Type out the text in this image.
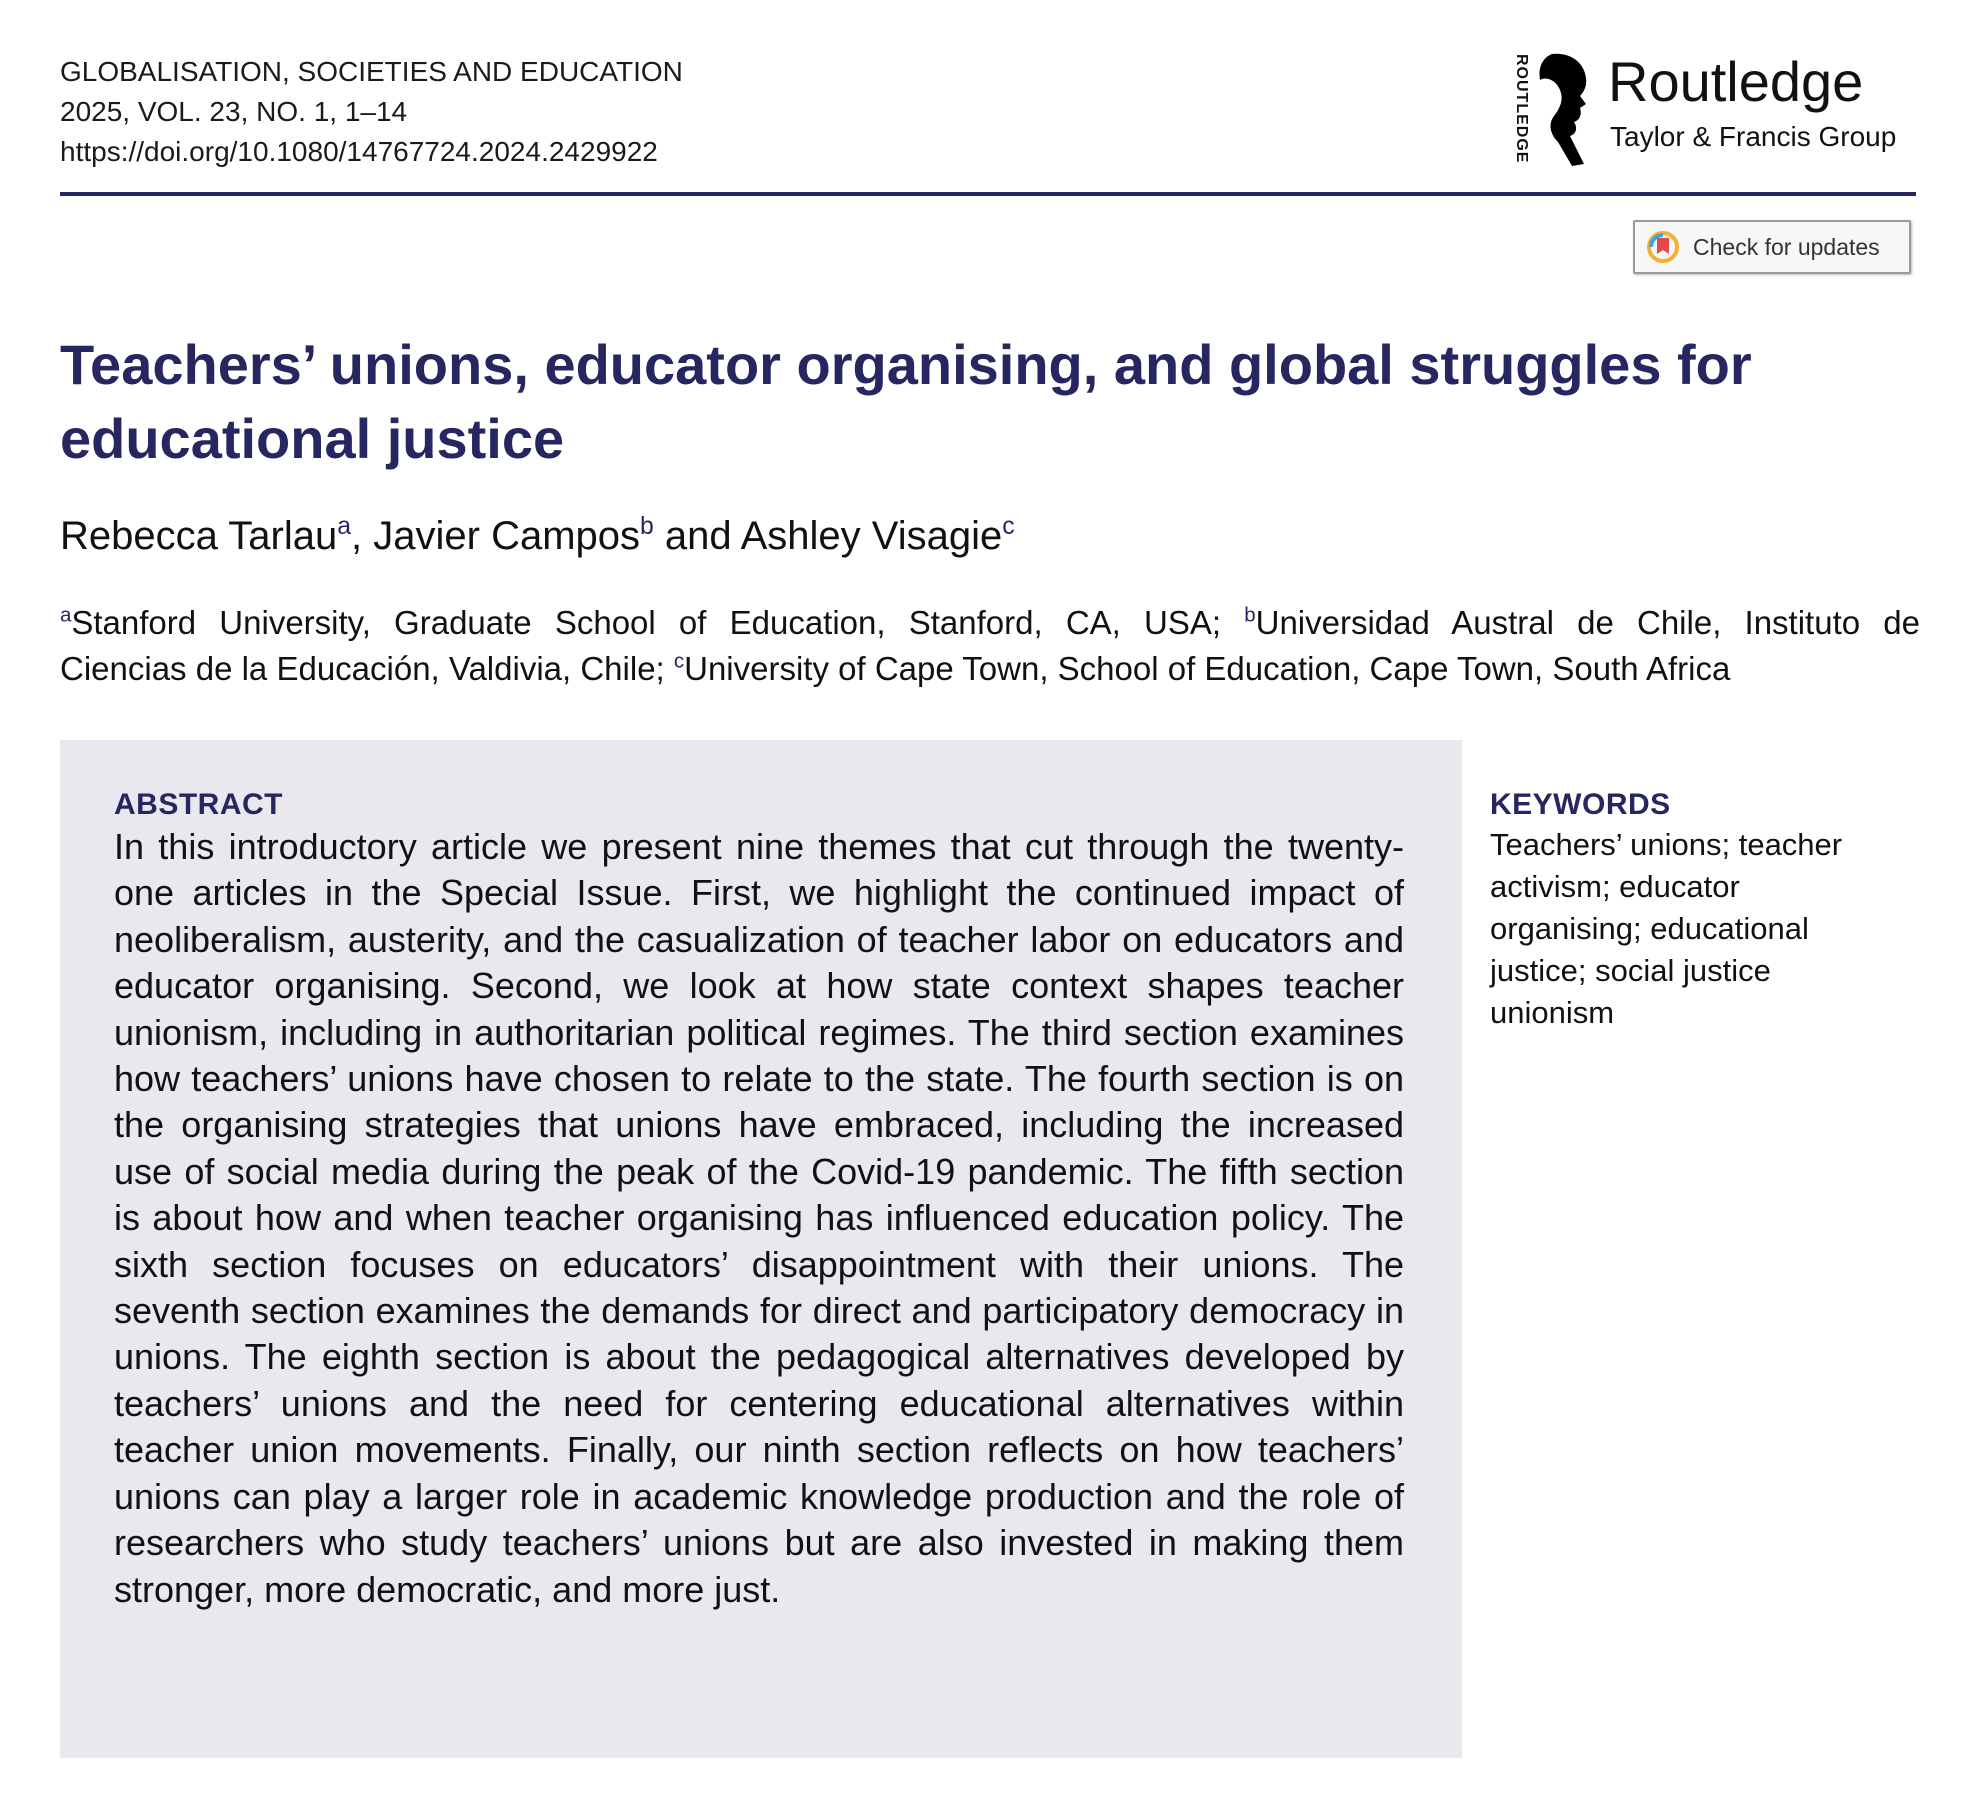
GLOBALISATION, SOCIETIES AND EDUCATION
2025, VOL. 23, NO. 1, 1–14
https://doi.org/10.1080/14767724.2024.2429922	ROUTLEDGE Routledge
Taylor & Francis Group
Check for updates
Teachers’ unions, educator organising, and global struggles for educational justice
Rebecca Tarlau$^a$, Javier Campos$^b$ and Ashley Visagie$^c$
$^a$Stanford University, Graduate School of Education, Stanford, CA, USA; $^b$Universidad Austral de Chile, Instituto de
Ciencias de la Educación, Valdivia, Chile; $^c$University of Cape Town, School of Education, Cape Town, South Africa
ABSTRACT
In this introductory article we present nine themes that cut through the twenty-one articles in the Special Issue. First, we highlight the continued impact of neoliberalism, austerity, and the casualization of teacher labor on educators and educator organising. Second, we look at how state context shapes teacher unionism, including in authoritarian political regimes. The third section examines how teachers’ unions have chosen to relate to the state. The fourth section is on the organising strategies that unions have embraced, including the increased use of social media during the peak of the Covid-19 pandemic. The fifth section is about how and when teacher organising has influenced education policy. The sixth section focuses on educators’ disappointment with their unions. The seventh section examines the demands for direct and participatory democracy in unions. The eighth section is about the pedagogical alternatives developed by teachers’ unions and the need for centering educational alternatives within teacher union movements. Finally, our ninth section reflects on how teachers’ unions can play a larger role in academic knowledge production and the role of researchers who study teachers’ unions but are also invested in making them stronger, more democratic, and more just.
KEYWORDS
Teachers’ unions; teacher
activism; educator
organising; educational
justice; social justice
unionism
